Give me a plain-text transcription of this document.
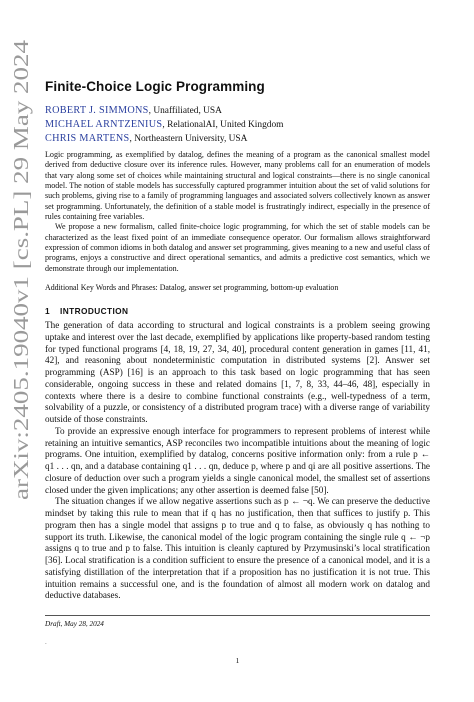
arXiv:2405.19040v1 [cs.PL] 29 May 2024
Finite-Choice Logic Programming
ROBERT J. SIMMONS, Unaffiliated, USA
MICHAEL ARNTZENIUS, RelationalAI, United Kingdom
CHRIS MARTENS, Northeastern University, USA

Logic programming, as exemplified by datalog, defines the meaning of a program as the canonical smallest model derived from deductive closure over its inference rules. However, many problems call for an enumeration of models that vary along some set of choices while maintaining structural and logical constraints—there is no single canonical model. The notion of stable models has successfully captured programmer intuition about the set of valid solutions for such problems, giving rise to a family of programming languages and associated solvers collectively known as answer set programming. Unfortunately, the definition of a stable model is frustratingly indirect, especially in the presence of rules containing free variables.

We propose a new formalism, called finite-choice logic programming, for which the set of stable models can be characterized as the least fixed point of an immediate consequence operator. Our formalism allows straightforward expression of common idioms in both datalog and answer set programming, gives meaning to a new and useful class of programs, enjoys a constructive and direct operational semantics, and admits a predictive cost semantics, which we demonstrate through our implementation.

Additional Key Words and Phrases: Datalog, answer set programming, bottom-up evaluation
1 INTRODUCTION

The generation of data according to structural and logical constraints is a problem seeing growing uptake and interest over the last decade, exemplified by applications like property-based random testing for typed functional programs [4, 18, 19, 27, 34, 40], procedural content generation in games [11, 41, 42], and reasoning about nondeterministic computation in distributed systems [2]. Answer set programming (ASP) [16] is an approach to this task based on logic programming that has seen considerable, ongoing success in these and related domains [1, 7, 8, 33, 44–46, 48], especially in contexts where there is a desire to combine functional constraints (e.g., well-typedness of a term, solvability of a puzzle, or consistency of a distributed program trace) with a diverse range of variability outside of those constraints.

To provide an expressive enough interface for programmers to represent problems of interest while retaining an intuitive semantics, ASP reconciles two incompatible intuitions about the meaning of logic programs. One intuition, exemplified by datalog, concerns positive information only: from a rule p ← q1 . . . qn, and a database containing q1 . . . qn, deduce p, where p and qi are all positive assertions. The closure of deduction over such a program yields a single canonical model, the smallest set of assertions closed under the given implications; any other assertion is deemed false [50].

The situation changes if we allow negative assertions such as p ← ¬q. We can preserve the deductive mindset by taking this rule to mean that if q has no justification, then that suffices to justify p. This program then has a single model that assigns p to true and q to false, as obviously q has nothing to support its truth. Likewise, the canonical model of the logic program containing the single rule q ← ¬p assigns q to true and p to false. This intuition is cleanly captured by Przymusinski’s local stratification [36]. Local stratification is a condition sufficient to ensure the presence of a canonical model, and it is a satisfying distillation of the interpretation that if a proposition has no justification it is not true. This intuition remains a successful one, and is the foundation of almost all modern work on datalog and deductive databases.

Draft, May 28, 2024
.
1
